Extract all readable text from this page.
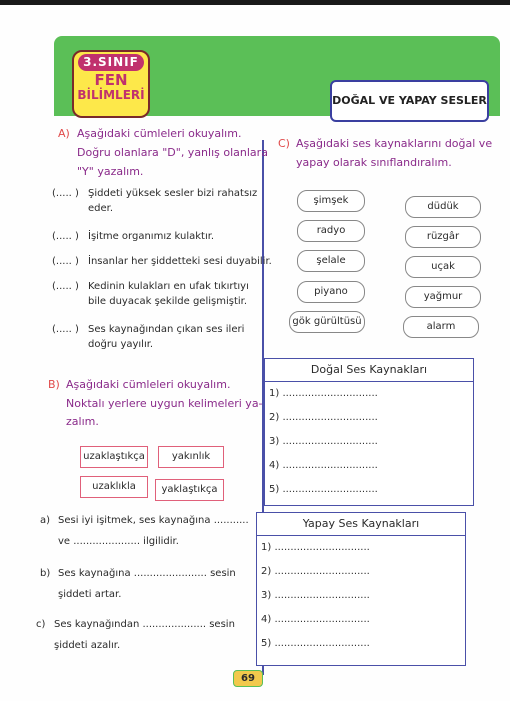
3.SINIF
FEN
BİLİMLERİ	DOĞAL VE YAPAY SESLER
A) Aşağıdaki cümleleri okuyalım.
Doğru olanlara "D", yanlış olanlara
"Y" yazalım.
(..... ) Şiddeti yüksek sesler bizi rahatsız
eder.
(..... ) İşitme organımız kulaktır.
(..... ) İnsanlar her şiddetteki sesi duyabilir.
(..... ) Kedinin kulakları en ufak tıkırtıyı
bile duyacak şekilde gelişmiştir.
(..... ) Ses kaynağından çıkan ses ileri
doğru yayılır.
B) Aşağıdaki cümleleri okuyalım.
Noktalı yerlere uygun kelimeleri ya-
zalım.
uzaklaştıkça	yakınlık
uzaklıkla	yaklaştıkça
a) Sesi iyi işitmek, ses kaynağına ...........
ve ..................... ilgilidir.
b) Ses kaynağına ....................... sesin
şiddeti artar.
c) Ses kaynağından .................... sesin
şiddeti azalır.
C) Aşağıdaki ses kaynaklarını doğal ve
yapay olarak sınıflandıralım.
şimşek
radyo
şelale
piyano
gök gürültüsü
düdük
rüzgâr
uçak
yağmur
alarm
Doğal Ses Kaynakları
1) ..............................
2) ..............................
3) ..............................
4) ..............................
5) ..............................
Yapay Ses Kaynakları
1) ..............................
2) ..............................
3) ..............................
4) ..............................
5) ..............................
69
